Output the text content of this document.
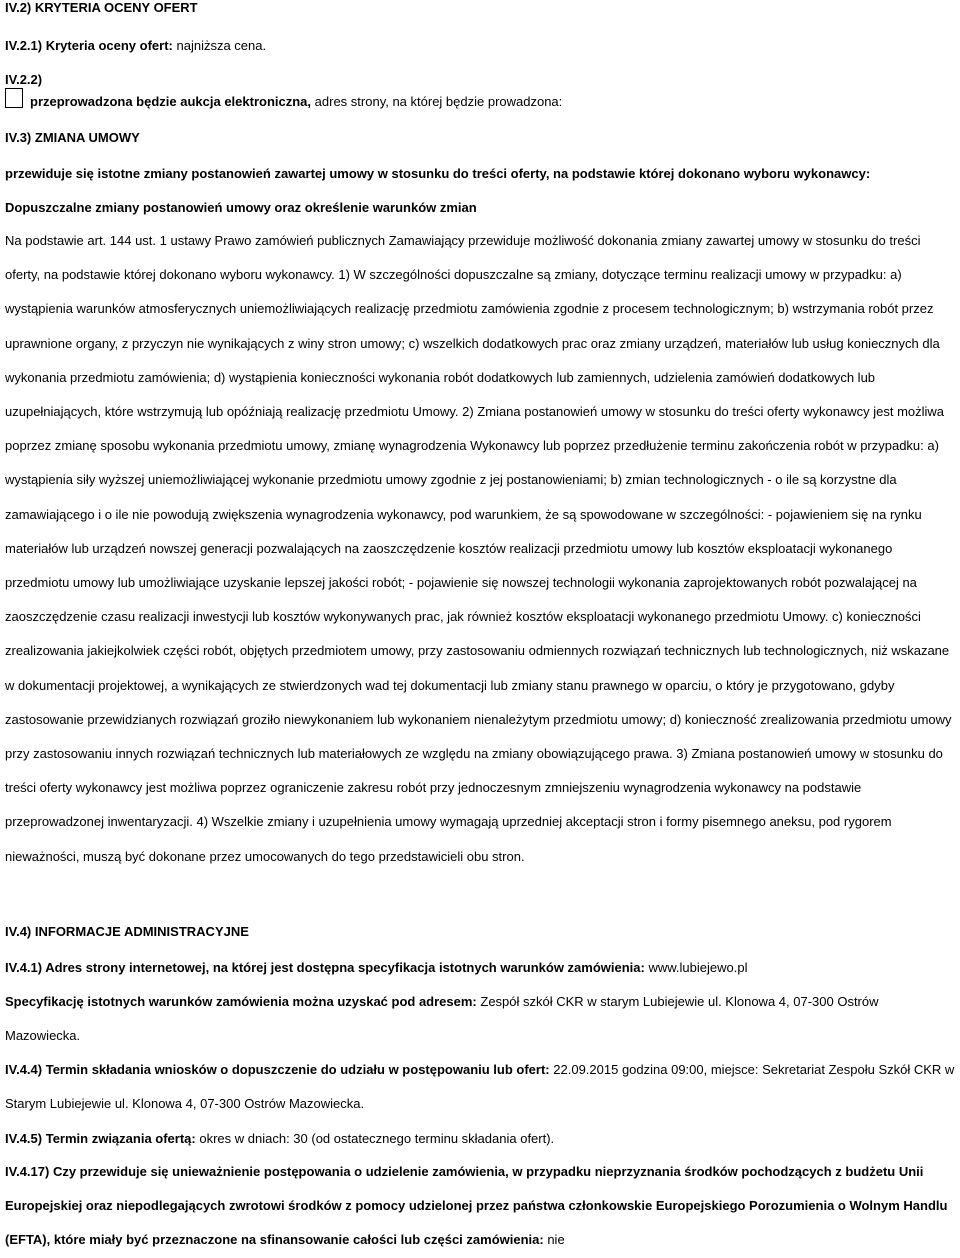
IV.2) KRYTERIA OCENY OFERT
IV.2.1) Kryteria oceny ofert: najniższa cena.
IV.2.2)
przeprowadzona będzie aukcja elektroniczna, adres strony, na której będzie prowadzona:
IV.3) ZMIANA UMOWY
przewiduje się istotne zmiany postanowień zawartej umowy w stosunku do treści oferty, na podstawie której dokonano wyboru wykonawcy:
Dopuszczalne zmiany postanowień umowy oraz określenie warunków zmian
Na podstawie art. 144 ust. 1 ustawy Prawo zamówień publicznych Zamawiający przewiduje możliwość dokonania zmiany zawartej umowy w stosunku do treści oferty, na podstawie której dokonano wyboru wykonawcy. 1) W szczególności dopuszczalne są zmiany, dotyczące terminu realizacji umowy w przypadku: a) wystąpienia warunków atmosferycznych uniemożliwiających realizację przedmiotu zamówienia zgodnie z procesem technologicznym; b) wstrzymania robót przez uprawnione organy, z przyczyn nie wynikających z winy stron umowy; c) wszelkich dodatkowych prac oraz zmiany urządzeń, materiałów lub usług koniecznych dla wykonania przedmiotu zamówienia; d) wystąpienia konieczności wykonania robót dodatkowych lub zamiennych, udzielenia zamówień dodatkowych lub uzupełniających, które wstrzymują lub opóźniają realizację przedmiotu Umowy. 2) Zmiana postanowień umowy w stosunku do treści oferty wykonawcy jest możliwa poprzez zmianę sposobu wykonania przedmiotu umowy, zmianę wynagrodzenia Wykonawcy lub poprzez przedłużenie terminu zakończenia robót w przypadku: a) wystąpienia siły wyższej uniemożliwiającej wykonanie przedmiotu umowy zgodnie z jej postanowieniami; b) zmian technologicznych - o ile są korzystne dla zamawiającego i o ile nie powodują zwiększenia wynagrodzenia wykonawcy, pod warunkiem, że są spowodowane w szczególności: - pojawieniem się na rynku materiałów lub urządzeń nowszej generacji pozwalających na zaoszczędzenie kosztów realizacji przedmiotu umowy lub kosztów eksploatacji wykonanego przedmiotu umowy lub umożliwiające uzyskanie lepszej jakości robót; - pojawienie się nowszej technologii wykonania zaprojektowanych robót pozwalającej na zaoszczędzenie czasu realizacji inwestycji lub kosztów wykonywanych prac, jak również kosztów eksploatacji wykonanego przedmiotu Umowy. c) konieczności zrealizowania jakiejkolwiek części robót, objętych przedmiotem umowy, przy zastosowaniu odmiennych rozwiązań technicznych lub technologicznych, niż wskazane w dokumentacji projektowej, a wynikających ze stwierdzonych wad tej dokumentacji lub zmiany stanu prawnego w oparciu, o który je przygotowano, gdyby zastosowanie przewidzianych rozwiązań groziło niewykonaniem lub wykonaniem nienależytym przedmiotu umowy; d) konieczność zrealizowania przedmiotu umowy przy zastosowaniu innych rozwiązań technicznych lub materiałowych ze względu na zmiany obowiązującego prawa. 3) Zmiana postanowień umowy w stosunku do treści oferty wykonawcy jest możliwa poprzez ograniczenie zakresu robót przy jednoczesnym zmniejszeniu wynagrodzenia wykonawcy na podstawie przeprowadzonej inwentaryzacji. 4) Wszelkie zmiany i uzupełnienia umowy wymagają uprzedniej akceptacji stron i formy pisemnego aneksu, pod rygorem nieważności, muszą być dokonane przez umocowanych do tego przedstawicieli obu stron.
IV.4) INFORMACJE ADMINISTRACYJNE
IV.4.1) Adres strony internetowej, na której jest dostępna specyfikacja istotnych warunków zamówienia: www.lubiejewo.pl
Specyfikację istotnych warunków zamówienia można uzyskać pod adresem: Zespół szkół CKR w starym Lubiejewie ul. Klonowa 4, 07-300 Ostrów Mazowiecka.
IV.4.4) Termin składania wniosków o dopuszczenie do udziału w postępowaniu lub ofert: 22.09.2015 godzina 09:00, miejsce: Sekretariat Zespołu Szkół CKR w Starym Lubiejewie ul. Klonowa 4, 07-300 Ostrów Mazowiecka.
IV.4.5) Termin związania ofertą: okres w dniach: 30 (od ostatecznego terminu składania ofert).
IV.4.17) Czy przewiduje się unieważnienie postępowania o udzielenie zamówienia, w przypadku nieprzyznania środków pochodzących z budżetu Unii Europejskiej oraz niepodlegających zwrotowi środków z pomocy udzielonej przez państwa członkowskie Europejskiego Porozumienia o Wolnym Handlu (EFTA), które miały być przeznaczone na sfinansowanie całości lub części zamówienia: nie
